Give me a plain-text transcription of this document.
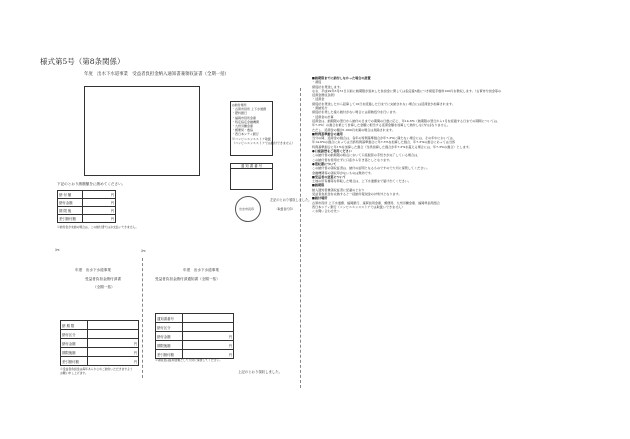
様式第5号（第8条関係）
年度　出水下水道事業　受益者負担金納入通知書兼領収証書（全期一括）
◎納付場所
・古賀市役所 上下水道課
・肥料銀行
・福岡市役所金庫
・特定指定金融機関
・九州労働金庫
・郵便局・農協
・西日本シティ銀行
※コンビニエンスストア取扱
（コンビニエンスストアでは納付できません）
通 知 書 番 号
出水市長印
左記のとおり領収しました。
（取扱者氏印）
下記のとおり納額額をに納めてください。
納 付 額	円
納付金額	円
期 限 後	円
差引納付額	円
※納付金が未納の場合は、この納付書ではお支払いできません。
✂
✂
年度　出水下水道事業
受益者負担金納付済書
（全期一括）
納 期 限	
納付区分	
納付金額	円
期限後額	円
差引納付額	円
※受益者負担金は毎年あらかじめご納付いただきますようお願い申し上げます。
年度　出水下水道事業
受益者負担金納付済通知書（全期一括）
通知書番号	
納付区分	
納付金額	円
期限後額	円
差引納付額	円
※領収書は証明書類として大切に保管してください。
上記のとおり領収しました。
■納期限までに納付しなかった場合の措置
・督促
督促状を発送します。
なお、平成29年3月31日以前に納期限が到来した負担金に関しては指定後5通につき督促手数料100円を徴収します。（古賀市分担金等の
延滞金徴収条例）
・延滞金
督促状を発送したから起算して10日を経過した日までに完納されない場合には延滞金が加算されます。
・滞納処分
督促状を発した後も納付がない場合には滞納処分を行います。
・延滞金の計算
延滞金は、納期限の翌日から納付の日までの期間の日数に応じ、年14.6%（納期限の翌日から1月を経過する日までの期間については、
年7.3%）の割合を乗じて計算した金額に相当する延滞金額を加算して納付しなければなりません。
ただし、延滞金の額が1,000円未満の場合は免除されます。
■特例基準割合の適用
当分の間、延滞金の割合は、各年の特例基準割合が年7.3%に満たない場合には、その年中においては、
年14.6%の割合にあっては当該特例基準割合に年7.3%を加算した割合、年7.3%の割合にあっては当該
特例基準割合に年1%を加算した割合（当該加算した割合が年7.3%を超える場合には、年7.3%の割合）とします。
●口座振替をご利用ください
この納付書の納期限の時点において口座振替の手続きが完了している場合は、
この納付書を使用せずに口座から引き落としとなります。
●領収書について
この納付書の領収証書は、納付の証明となるものですので大切に保管してください。
金融機関等の領収印がないものは無効です。
■受益者の変更について
土地の所有権等を移転した場合は、上下水道課まで届け出てください。
■納期限
納入通知書兼領収証書に記載のとおり
受益者負担金を完納すると一括納付報奨金の対象外となります。
■納付場所
古賀市役所 上下水道課、福岡銀行、遠賀信用金庫、郵便局、九州労働金庫、福岡県信用組合
西日本シティ銀行（コンビニエンスストアでは取扱いできません）
＜お問い合わせ先＞
